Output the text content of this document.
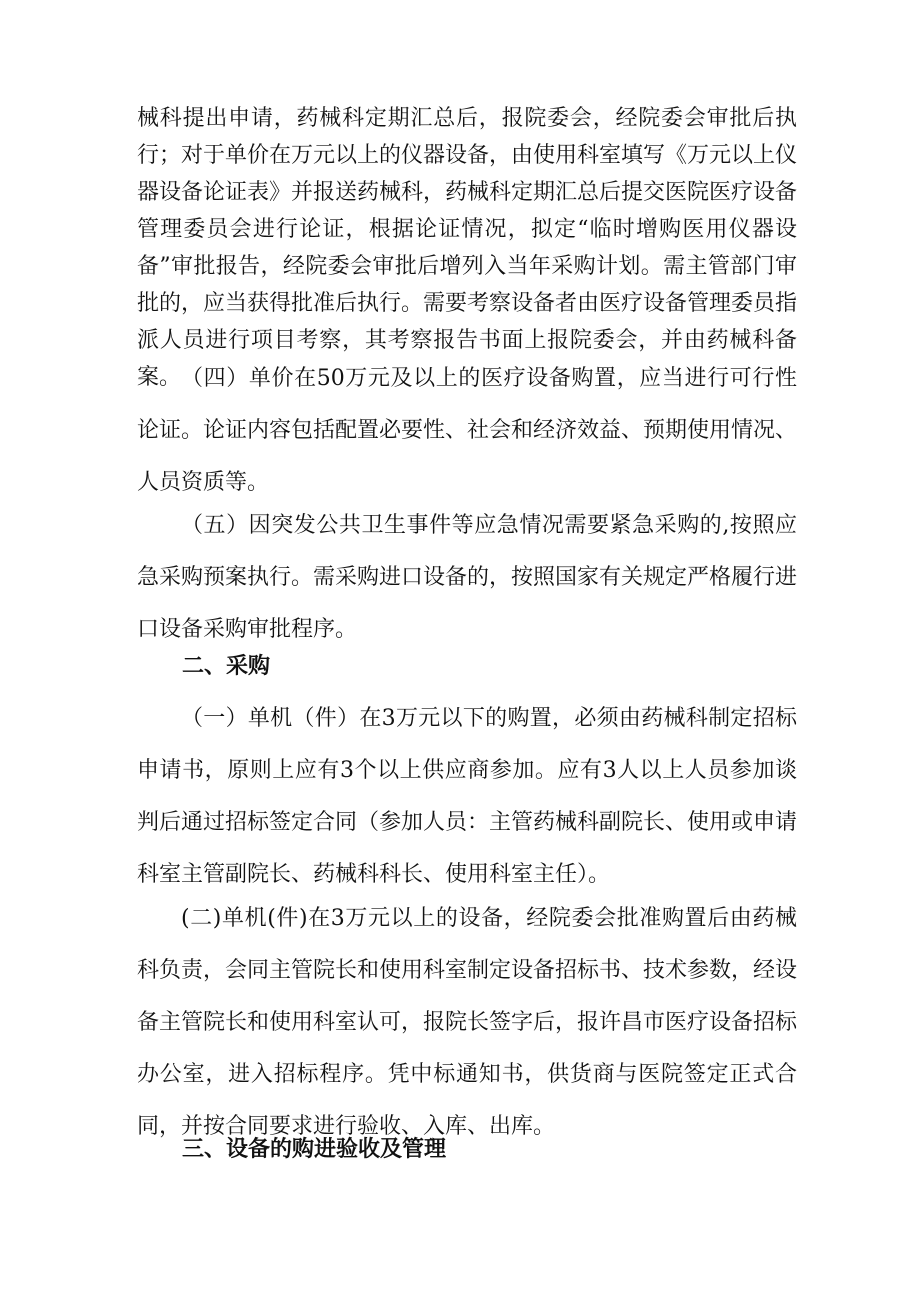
械科提出申请，药械科定期汇总后，报院委会，经院委会审批后执行；对于单价在万元以上的仪器设备，由使用科室填写《万元以上仪器设备论证表》并报送药械科，药械科定期汇总后提交医院医疗设备管理委员会进行论证，根据论证情况，拟定“临时增购医用仪器设备”审批报告，经院委会审批后增列入当年采购计划。需主管部门审批的，应当获得批准后执行。需要考察设备者由医疗设备管理委员指派人员进行项目考察，其考察报告书面上报院委会，并由药械科备案。 （四）单价在50万元及以上的医疗设备购置，应当进行可行性论证。论证内容包括配置必要性、社会和经济效益、预期使用情况、人员资质等。

（五）因突发公共卫生事件等应急情况需要紧急采购的,按照应急采购预案执行。需采购进口设备的，按照国家有关规定严格履行进口设备采购审批程序。

二、采购

（一）单机（件）在3万元以下的购置，必须由药械科制定招标申请书，原则上应有3个以上供应商参加。应有3人以上人员参加谈判后通过招标签定合同（参加人员：主管药械科副院长、使用或申请科室主管副院长、药械科科长、使用科室主任）。

(二)单机(件)在3万元以上的设备，经院委会批准购置后由药械科负责，会同主管院长和使用科室制定设备招标书、技术参数，经设备主管院长和使用科室认可，报院长签字后，报许昌市医疗设备招标办公室，进入招标程序。凭中标通知书，供货商与医院签定正式合同，并按合同要求进行验收、入库、出库。

三、设备的购进验收及管理
